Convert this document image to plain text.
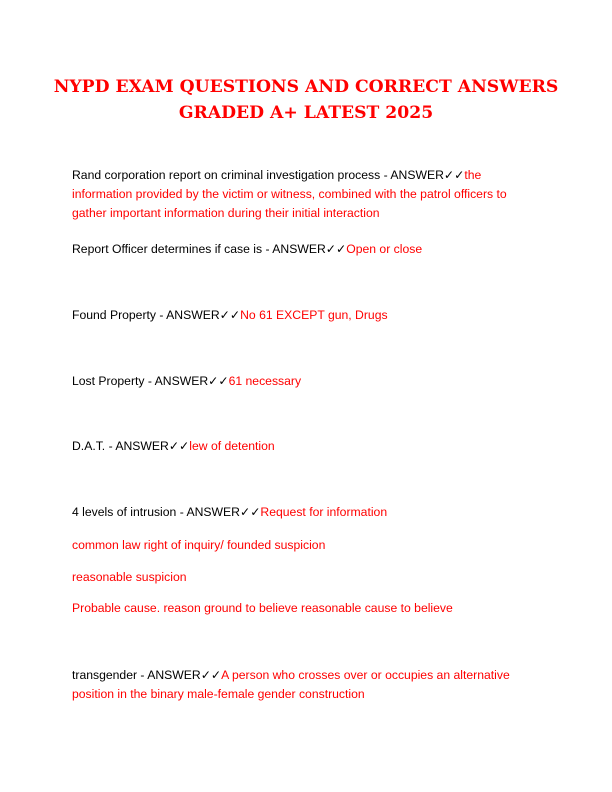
NYPD EXAM QUESTIONS AND CORRECT ANSWERS
GRADED A+ LATEST 2025
Rand corporation report on criminal investigation process - ANSWER✓✓the information provided by the victim or witness, combined with the patrol officers to gather important information during their initial interaction
Report Officer determines if case is - ANSWER✓✓Open or close
Found Property - ANSWER✓✓No 61 EXCEPT gun, Drugs
Lost Property - ANSWER✓✓61 necessary
D.A.T. - ANSWER✓✓lew of detention
4 levels of intrusion - ANSWER✓✓Request for information
common law right of inquiry/ founded suspicion
reasonable suspicion
Probable cause. reason ground to believe reasonable cause to believe
transgender - ANSWER✓✓A person who crosses over or occupies an alternative position in the binary male-female gender construction
